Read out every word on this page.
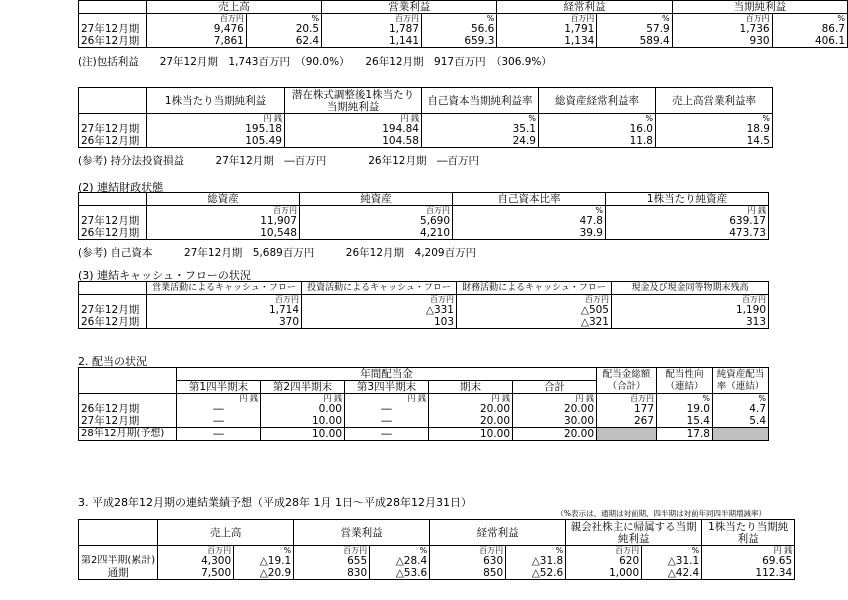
	売上高		営業利益		経常利益		当期純利益	
	百万円	%	百万円	%	百万円	%	百万円	%
27年12月期	9,476	20.5	1,787	56.6	1,791	57.9	1,736	86.7
26年12月期	7,861	62.4	1,141	659.3	1,134	589.4	930	406.1
(注)包括利益　　27年12月期　1,743百万円　（90.0%）　　26年12月期　917百万円　（306.9%）
	1株当たり当期純利益	潜在株式調整後1株当たり当期純利益	自己資本当期純利益率	総資産経常利益率	売上高営業利益率
	円 銭	円 銭	%	%	%
27年12月期	195.18	194.84	35.1	16.0	18.9
26年12月期	105.49	104.58	24.9	11.8	14.5
(参考) 持分法投資損益　　　27年12月期　―百万円　　　　26年12月期　―百万円
(2) 連結財政状態
	総資産	純資産	自己資本比率	1株当たり純資産
	百万円	百万円	%	円 銭
27年12月期	11,907	5,690	47.8	639.17
26年12月期	10,548	4,210	39.9	473.73
(参考) 自己資本　　　27年12月期　5,689百万円　　　26年12月期　4,209百万円
(3) 連結キャッシュ・フローの状況
	営業活動によるキャッシュ・フロー	投資活動によるキャッシュ・フロー	財務活動によるキャッシュ・フロー	現金及び現金同等物期末残高
	百万円	百万円	百万円	百万円
27年12月期	1,714	△331	△505	1,190
26年12月期	370	103	△321	313
2. 配当の状況
	年間配当金					配当金総額（合計）	配当性向（連結）	純資産配当率（連結）
	第1四半期末	第2四半期末	第3四半期末	期末	合計			
	円 銭	円 銭	円 銭	円 銭	円 銭	百万円	%	%
26年12月期	―	0.00	―	20.00	20.00	177	19.0	4.7
27年12月期	―	10.00	―	20.00	30.00	267	15.4	5.4
28年12月期(予想)	―	10.00	―	10.00	20.00		17.8	
3. 平成28年12月期の連結業績予想（平成28年 1月 1日～平成28年12月31日）
（%表示は、通期は対前期、四半期は対前年同四半期増減率）
	売上高		営業利益		経常利益		親会社株主に帰属する当期純利益		1株当たり当期純利益
	百万円	%	百万円	%	百万円	%	百万円	%	円 銭
第2四半期(累計)	4,300	△19.1	655	△28.4	630	△31.8	620	△31.1	69.65
通期	7,500	△20.9	830	△53.6	850	△52.6	1,000	△42.4	112.34
